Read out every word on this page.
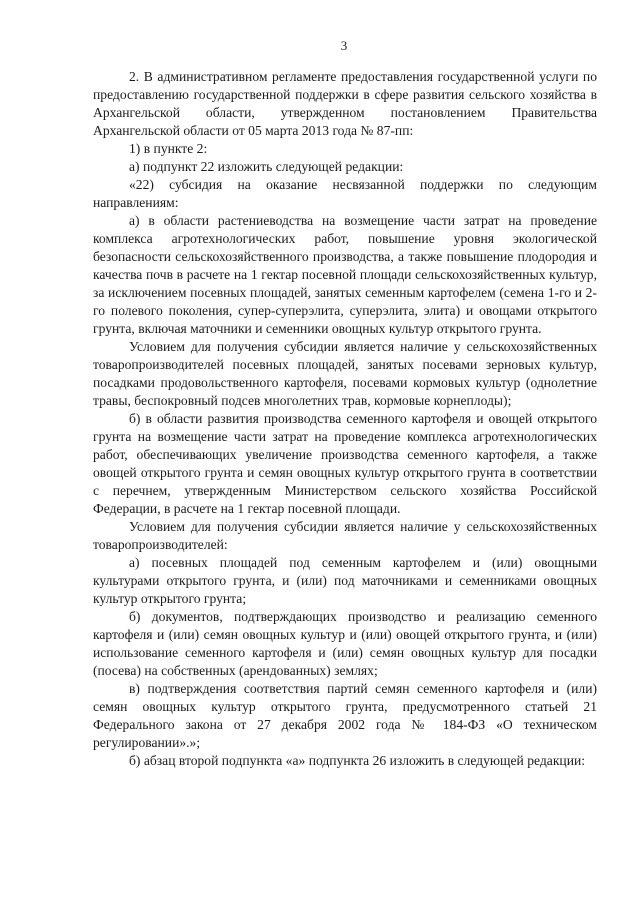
3

2. В административном регламенте предоставления государственной услуги по предоставлению государственной поддержки в сфере развития сельского хозяйства в Архангельской области, утвержденном постановлением Правительства Архангельской области от 05 марта 2013 года № 87-пп:

1) в пункте 2:

а) подпункт 22 изложить следующей редакции:

«22) субсидия на оказание несвязанной поддержки по следующим направлениям:

а) в области растениеводства на возмещение части затрат на проведение комплекса агротехнологических работ, повышение уровня экологической безопасности сельскохозяйственного производства, а также повышение плодородия и качества почв в расчете на 1 гектар посевной площади сельскохозяйственных культур, за исключением посевных площадей, занятых семенным картофелем (семена 1-го и 2-го полевого поколения, супер-суперэлита, суперэлита, элита) и овощами открытого грунта, включая маточники и семенники овощных культур открытого грунта.

Условием для получения субсидии является наличие у сельскохозяйственных товаропроизводителей посевных площадей, занятых посевами зерновых культур, посадками продовольственного картофеля, посевами кормовых культур (однолетние травы, беспокровный подсев многолетних трав, кормовые корнеплоды);

б) в области развития производства семенного картофеля и овощей открытого грунта на возмещение части затрат на проведение комплекса агротехнологических работ, обеспечивающих увеличение производства семенного картофеля, а также овощей открытого грунта и семян овощных культур открытого грунта в соответствии с перечнем, утвержденным Министерством сельского хозяйства Российской Федерации, в расчете на 1 гектар посевной площади.

Условием для получения субсидии является наличие у сельскохозяйственных товаропроизводителей:

а) посевных площадей под семенным картофелем и (или) овощными культурами открытого грунта, и (или) под маточниками и семенниками овощных культур открытого грунта;

б) документов, подтверждающих производство и реализацию семенного картофеля и (или) семян овощных культур и (или) овощей открытого грунта, и (или) использование семенного картофеля и (или) семян овощных культур для посадки (посева) на собственных (арендованных) землях;

в) подтверждения соответствия партий семян семенного картофеля и (или) семян овощных культур открытого грунта, предусмотренного статьей 21 Федерального закона от 27 декабря 2002 года № 184-ФЗ «О техническом регулировании».»;

б) абзац второй подпункта «а» подпункта 26 изложить в следующей редакции:
